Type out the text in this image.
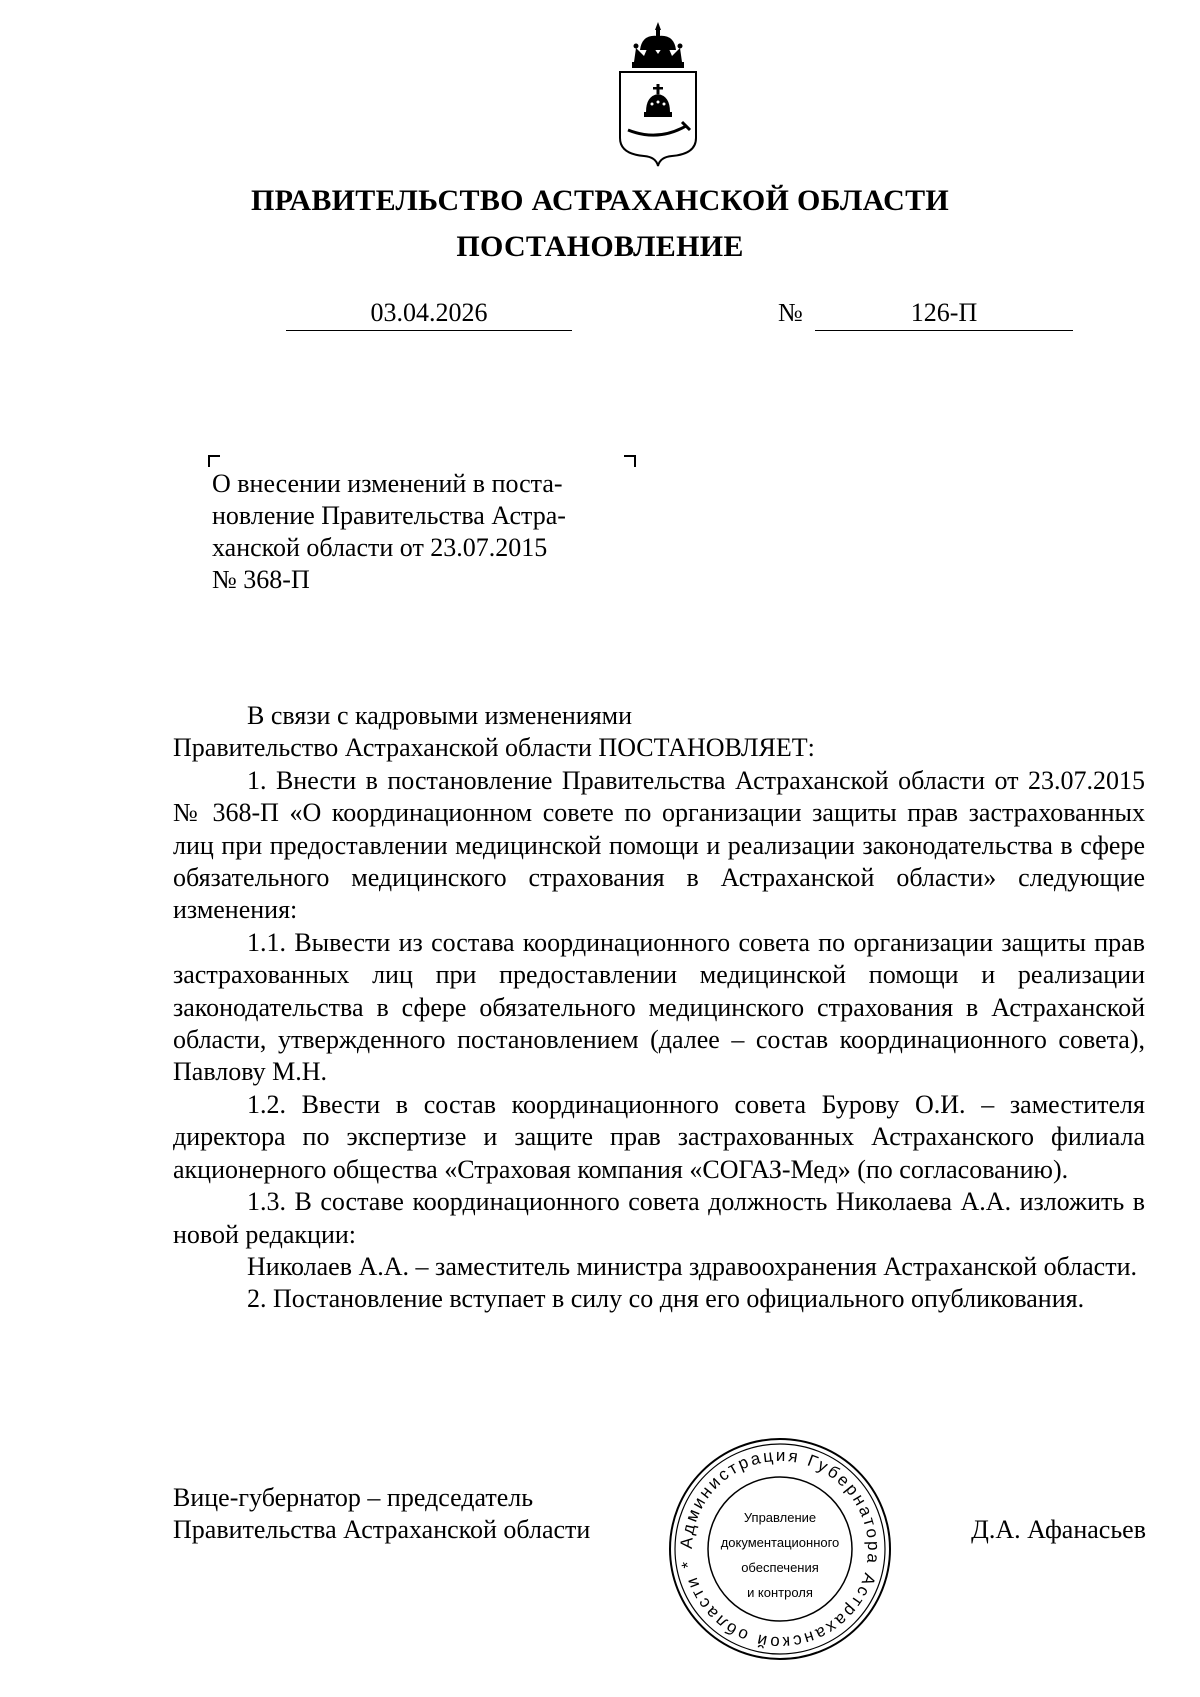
ПРАВИТЕЛЬСТВО АСТРАХАНСКОЙ ОБЛАСТИ
ПОСТАНОВЛЕНИЕ
03.04.2026	№	126-П

О внесении изменений в поста-

новление Правительства Астра-

ханской области от 23.07.2015

№ 368-П

В связи с кадровыми изменениями

Правительство Астраханской области ПОСТАНОВЛЯЕТ:

1. Внести в постановление Правительства Астраханской области от 23.07.2015 № 368-П «О координационном совете по организации защиты прав застрахованных лиц при предоставлении медицинской помощи и реализации законодательства в сфере обязательного медицинского страхования в Астраханской области» следующие изменения:

1.1. Вывести из состава координационного совета по организации защиты прав застрахованных лиц при предоставлении медицинской помощи и реализации законодательства в сфере обязательного медицинского страхования в Астраханской области, утвержденного постановлением (далее – состав координационного совета), Павлову М.Н.

1.2. Ввести в состав координационного совета Бурову О.И. – заместителя директора по экспертизе и защите прав застрахованных Астраханского филиала акционерного общества «Страховая компания «СОГАЗ-Мед» (по согласованию).

1.3. В составе координационного совета должность Николаева А.А. изложить в новой редакции:

Николаев А.А. – заместитель министра здравоохранения Астраханской области.

2. Постановление вступает в силу со дня его официального опубликования.

Вице-губернатор – председатель

Правительства Астраханской области	Д.А. Афанасьев
Администрация Губернатора Астраханской области *
Управление
документационного
обеспечения
и контроля
